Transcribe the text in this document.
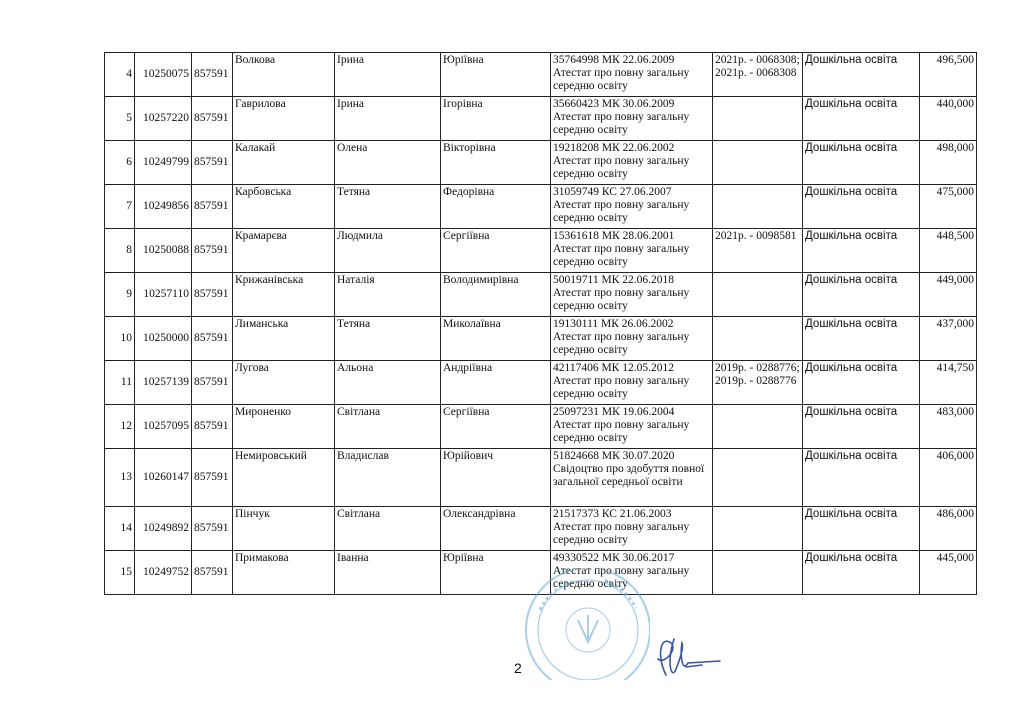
4	10250075	857591	Волкова	Ірина	Юріївна	35764998 МК 22.06.2009 Атестат про повну загальну середню освіту	2021р. - 0068308; 2021р. - 0068308	Дошкільна освіта	496,500
5	10257220	857591	Гаврилова	Ірина	Ігорівна	35660423 МК 30.06.2009 Атестат про повну загальну середню освіту		Дошкільна освіта	440,000
6	10249799	857591	Калакай	Олена	Вікторівна	19218208 МК 22.06.2002 Атестат про повну загальну середню освіту		Дошкільна освіта	498,000
7	10249856	857591	Карбовська	Тетяна	Федорівна	31059749 КС 27.06.2007 Атестат про повну загальну середню освіту		Дошкільна освіта	475,000
8	10250088	857591	Крамарєва	Людмила	Сергіївна	15361618 МК 28.06.2001 Атестат про повну загальну середню освіту	2021р. - 0098581	Дошкільна освіта	448,500
9	10257110	857591	Крижанівська	Наталія	Володимирівна	50019711 МК 22.06.2018 Атестат про повну загальну середню освіту		Дошкільна освіта	449,000
10	10250000	857591	Лиманська	Тетяна	Миколаївна	19130111 МК 26.06.2002 Атестат про повну загальну середню освіту		Дошкільна освіта	437,000
11	10257139	857591	Лугова	Альона	Андріївна	42117406 МК 12.05.2012 Атестат про повну загальну середню освіту	2019р. - 0288776; 2019р. - 0288776	Дошкільна освіта	414,750
12	10257095	857591	Мироненко	Світлана	Сергіївна	25097231 МК 19.06.2004 Атестат про повну загальну середню освіту		Дошкільна освіта	483,000
13	10260147	857591	Немировський	Владислав	Юрійович	51824668 МК 30.07.2020 Свідоцтво про здобуття повної загальної середньої освіти		Дошкільна освіта	406,000
14	10249892	857591	Пінчук	Світлана	Олександрівна	21517373 КС 21.06.2003 Атестат про повну загальну середню освіту		Дошкільна освіта	486,000
15	10249752	857591	Примакова	Іванна	Юріївна	49330522 МК 30.06.2017 Атестат про повну загальну середню освіту		Дошкільна освіта	445,000
2
